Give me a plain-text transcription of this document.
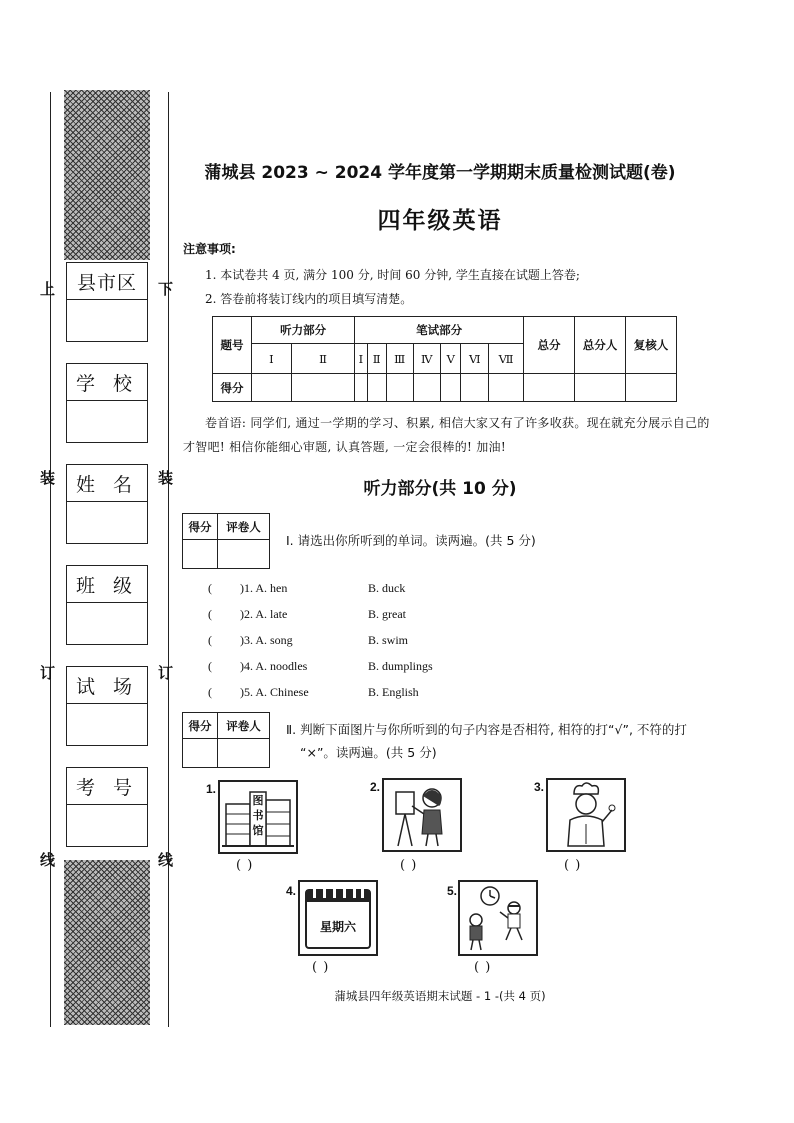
上
装
订
线
下
装
订
线
县市区
学 校
姓 名
班 级
试 场
考 号
蒲城县 2023 ~ 2024 学年度第一学期期末质量检测试题(卷)
四年级英语
注意事项:
1. 本试卷共 4 页, 满分 100 分, 时间 60 分钟, 学生直接在试题上答卷;
2. 答卷前将装订线内的项目填写清楚。
题号	听力部分		笔试部分							总分	总分人	复核人
	Ⅰ	Ⅱ	Ⅰ	Ⅱ	Ⅲ	Ⅳ	Ⅴ	Ⅵ	Ⅶ			
得分												
卷首语: 同学们, 通过一学期的学习、积累, 相信大家又有了许多收获。现在就充分展示自己的
才智吧! 相信你能细心审题, 认真答题, 一定会很棒的! 加油!
听力部分(共 10 分)
得分	评卷人

Ⅰ. 请选出你所听到的单词。读两遍。(共 5 分)
( )1. A. hen	B. duck
( )2. A. late	B. great
( )3. A. song	B. swim
( )4. A. noodles	B. dumplings
( )5. A. Chinese	B. English
得分	评卷人
	Ⅱ. 判断下面图片与你所听到的句子内容是否相符, 相符的打“√”, 不符的打
“×”。读两遍。(共 5 分)
1.
图书馆
( )
2.
( )
3.
( )
4.
星期六
( )
5.
( )
蒲城县四年级英语期末试题 - 1 -(共 4 页)
